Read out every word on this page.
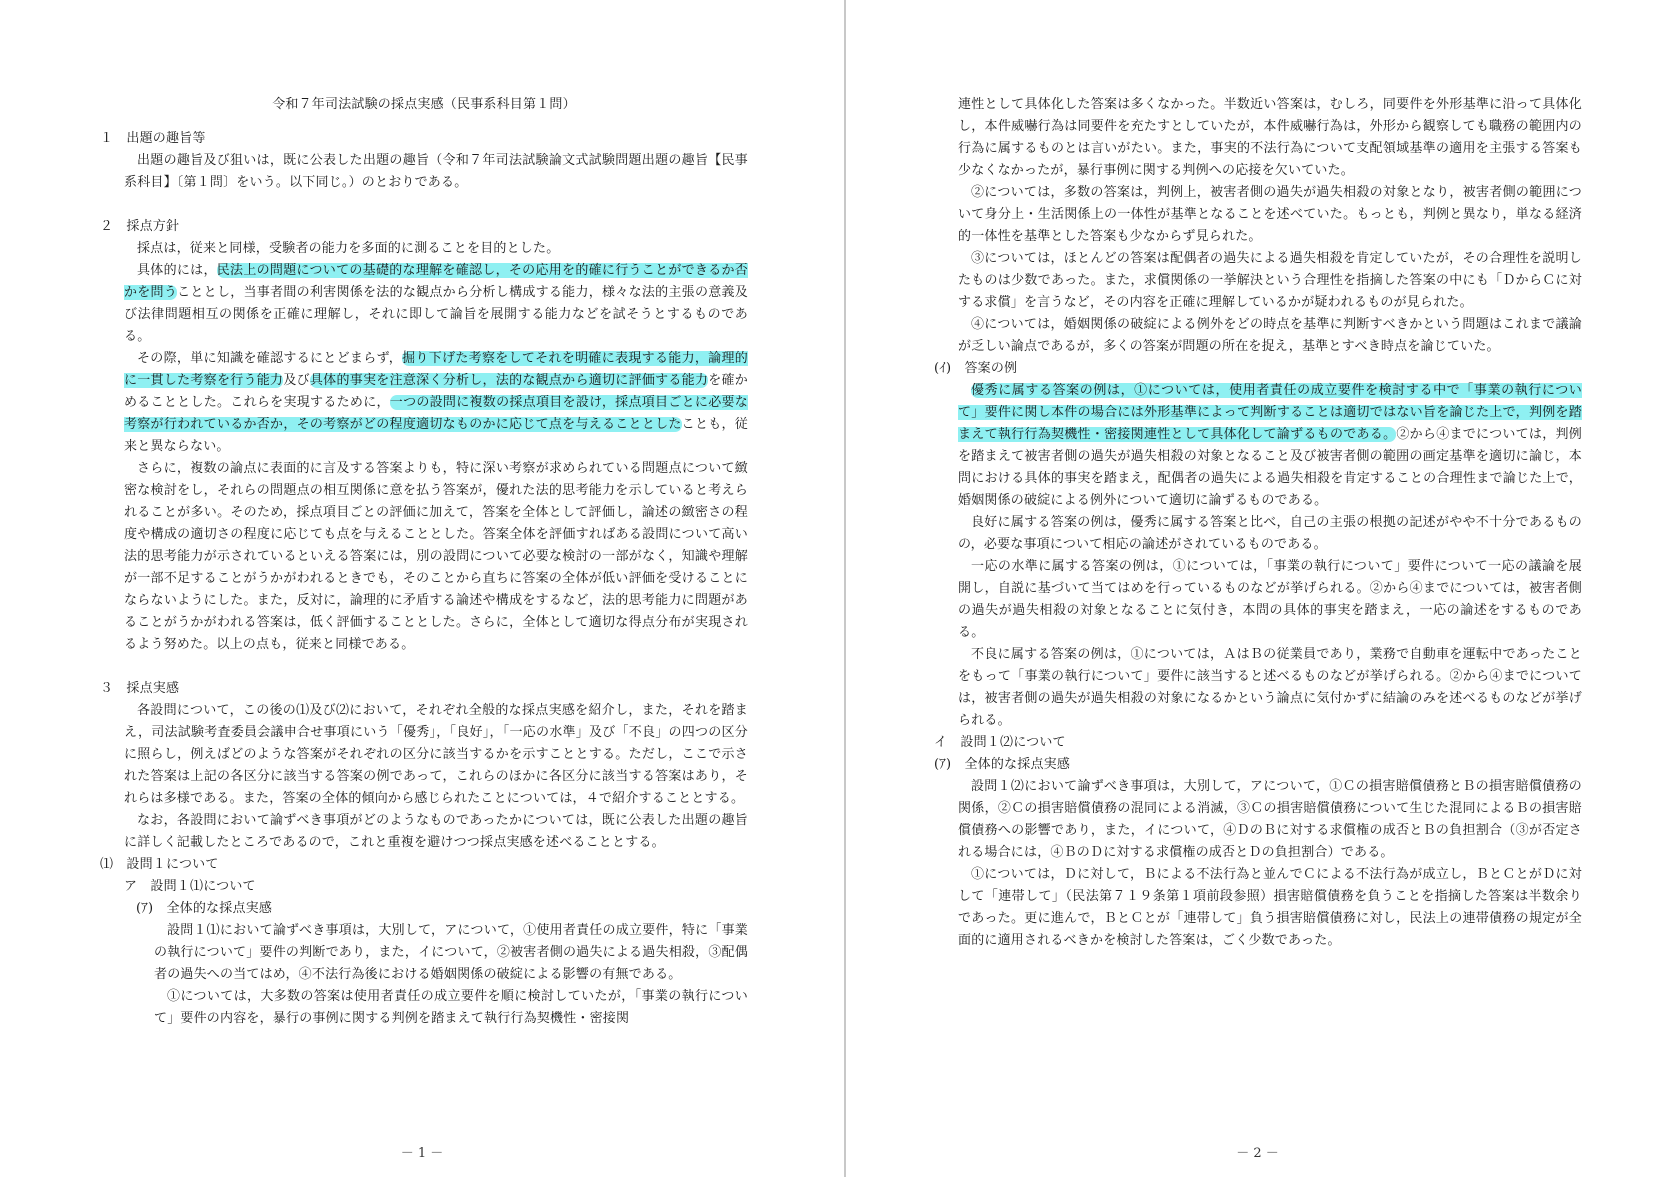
令和７年司法試験の採点実感（民事系科目第１問）

１　出題の趣旨等

出題の趣旨及び狙いは，既に公表した出題の趣旨（令和７年司法試験論文式試験問題出題の趣旨【民事系科目】〔第１問〕をいう。以下同じ。）のとおりである。

２　採点方針

採点は，従来と同様，受験者の能力を多面的に測ることを目的とした。

具体的には，民法上の問題についての基礎的な理解を確認し，その応用を的確に行うことができるか否かを問うこととし，当事者間の利害関係を法的な観点から分析し構成する能力，様々な法的主張の意義及び法律問題相互の関係を正確に理解し，それに即して論旨を展開する能力などを試そうとするものである。

その際，単に知識を確認するにとどまらず，掘り下げた考察をしてそれを明確に表現する能力，論理的に一貫した考察を行う能力及び具体的事実を注意深く分析し，法的な観点から適切に評価する能力を確かめることとした。これらを実現するために，一つの設問に複数の採点項目を設け，採点項目ごとに必要な考察が行われているか否か，その考察がどの程度適切なものかに応じて点を与えることとしたことも，従来と異ならない。

さらに，複数の論点に表面的に言及する答案よりも，特に深い考察が求められている問題点について緻密な検討をし，それらの問題点の相互関係に意を払う答案が，優れた法的思考能力を示していると考えられることが多い。そのため，採点項目ごとの評価に加えて，答案を全体として評価し，論述の緻密さの程度や構成の適切さの程度に応じても点を与えることとした。答案全体を評価すればある設問について高い法的思考能力が示されているといえる答案には，別の設問について必要な検討の一部がなく，知識や理解が一部不足することがうかがわれるときでも，そのことから直ちに答案の全体が低い評価を受けることにならないようにした。また，反対に，論理的に矛盾する論述や構成をするなど，法的思考能力に問題があることがうかがわれる答案は，低く評価することとした。さらに，全体として適切な得点分布が実現されるよう努めた。以上の点も，従来と同様である。

３　採点実感

各設問について，この後の⑴及び⑵において，それぞれ全般的な採点実感を紹介し，また，それを踏まえ，司法試験考査委員会議申合せ事項にいう「優秀」，「良好」，「一応の水準」及び「不良」の四つの区分に照らし，例えばどのような答案がそれぞれの区分に該当するかを示すこととする。ただし，ここで示された答案は上記の各区分に該当する答案の例であって，これらのほかに各区分に該当する答案はあり，それらは多様である。また，答案の全体的傾向から感じられたことについては，４で紹介することとする。

なお，各設問において論ずべき事項がどのようなものであったかについては，既に公表した出題の趣旨に詳しく記載したところであるので，これと重複を避けつつ採点実感を述べることとする。

⑴　設問１について

ア　設問１⑴について

(ｱ)　全体的な採点実感

設問１⑴において論ずべき事項は，大別して，アについて，①使用者責任の成立要件，特に「事業の執行について」要件の判断であり，また，イについて，②被害者側の過失による過失相殺，③配偶者の過失への当てはめ，④不法行為後における婚姻関係の破綻による影響の有無である。

①については，大多数の答案は使用者責任の成立要件を順に検討していたが，「事業の執行について」要件の内容を，暴行の事例に関する判例を踏まえて執行行為契機性・密接関

－ 1 －

連性として具体化した答案は多くなかった。半数近い答案は，むしろ，同要件を外形基準に沿って具体化し，本件威嚇行為は同要件を充たすとしていたが，本件威嚇行為は，外形から観察しても職務の範囲内の行為に属するものとは言いがたい。また，事実的不法行為について支配領域基準の適用を主張する答案も少なくなかったが，暴行事例に関する判例への応接を欠いていた。

②については，多数の答案は，判例上，被害者側の過失が過失相殺の対象となり，被害者側の範囲について身分上・生活関係上の一体性が基準となることを述べていた。もっとも，判例と異なり，単なる経済的一体性を基準とした答案も少なからず見られた。

③については，ほとんどの答案は配偶者の過失による過失相殺を肯定していたが，その合理性を説明したものは少数であった。また，求償関係の一挙解決という合理性を指摘した答案の中にも「ＤからＣに対する求償」を言うなど，その内容を正確に理解しているかが疑われるものが見られた。

④については，婚姻関係の破綻による例外をどの時点を基準に判断すべきかという問題はこれまで議論が乏しい論点であるが，多くの答案が問題の所在を捉え，基準とすべき時点を論じていた。

(ｲ)　答案の例

優秀に属する答案の例は，①については，使用者責任の成立要件を検討する中で「事業の執行について」要件に関し本件の場合には外形基準によって判断することは適切ではない旨を論じた上で，判例を踏まえて執行行為契機性・密接関連性として具体化して論ずるものである。②から④までについては，判例を踏まえて被害者側の過失が過失相殺の対象となること及び被害者側の範囲の画定基準を適切に論じ，本問における具体的事実を踏まえ，配偶者の過失による過失相殺を肯定することの合理性まで論じた上で，婚姻関係の破綻による例外について適切に論ずるものである。

良好に属する答案の例は，優秀に属する答案と比べ，自己の主張の根拠の記述がやや不十分であるものの，必要な事項について相応の論述がされているものである。

一応の水準に属する答案の例は，①については，「事業の執行について」要件について一応の議論を展開し，自説に基づいて当てはめを行っているものなどが挙げられる。②から④までについては，被害者側の過失が過失相殺の対象となることに気付き，本問の具体的事実を踏まえ，一応の論述をするものである。

不良に属する答案の例は，①については，ＡはＢの従業員であり，業務で自動車を運転中であったことをもって「事業の執行について」要件に該当すると述べるものなどが挙げられる。②から④までについては，被害者側の過失が過失相殺の対象になるかという論点に気付かずに結論のみを述べるものなどが挙げられる。

イ　設問１⑵について

(ｱ)　全体的な採点実感

設問１⑵において論ずべき事項は，大別して，アについて，①Ｃの損害賠償債務とＢの損害賠償債務の関係，②Ｃの損害賠償債務の混同による消滅，③Ｃの損害賠償債務について生じた混同によるＢの損害賠償債務への影響であり，また，イについて，④ＤのＢに対する求償権の成否とＢの負担割合（③が否定される場合には，④ＢのＤに対する求償権の成否とＤの負担割合）である。

①については，Ｄに対して，Ｂによる不法行為と並んでＣによる不法行為が成立し，ＢとＣとがＤに対して「連帯して」（民法第７１９条第１項前段参照）損害賠償債務を負うことを指摘した答案は半数余りであった。更に進んで，ＢとＣとが「連帯して」負う損害賠償債務に対し，民法上の連帯債務の規定が全面的に適用されるべきかを検討した答案は，ごく少数であった。

－ 2 －
